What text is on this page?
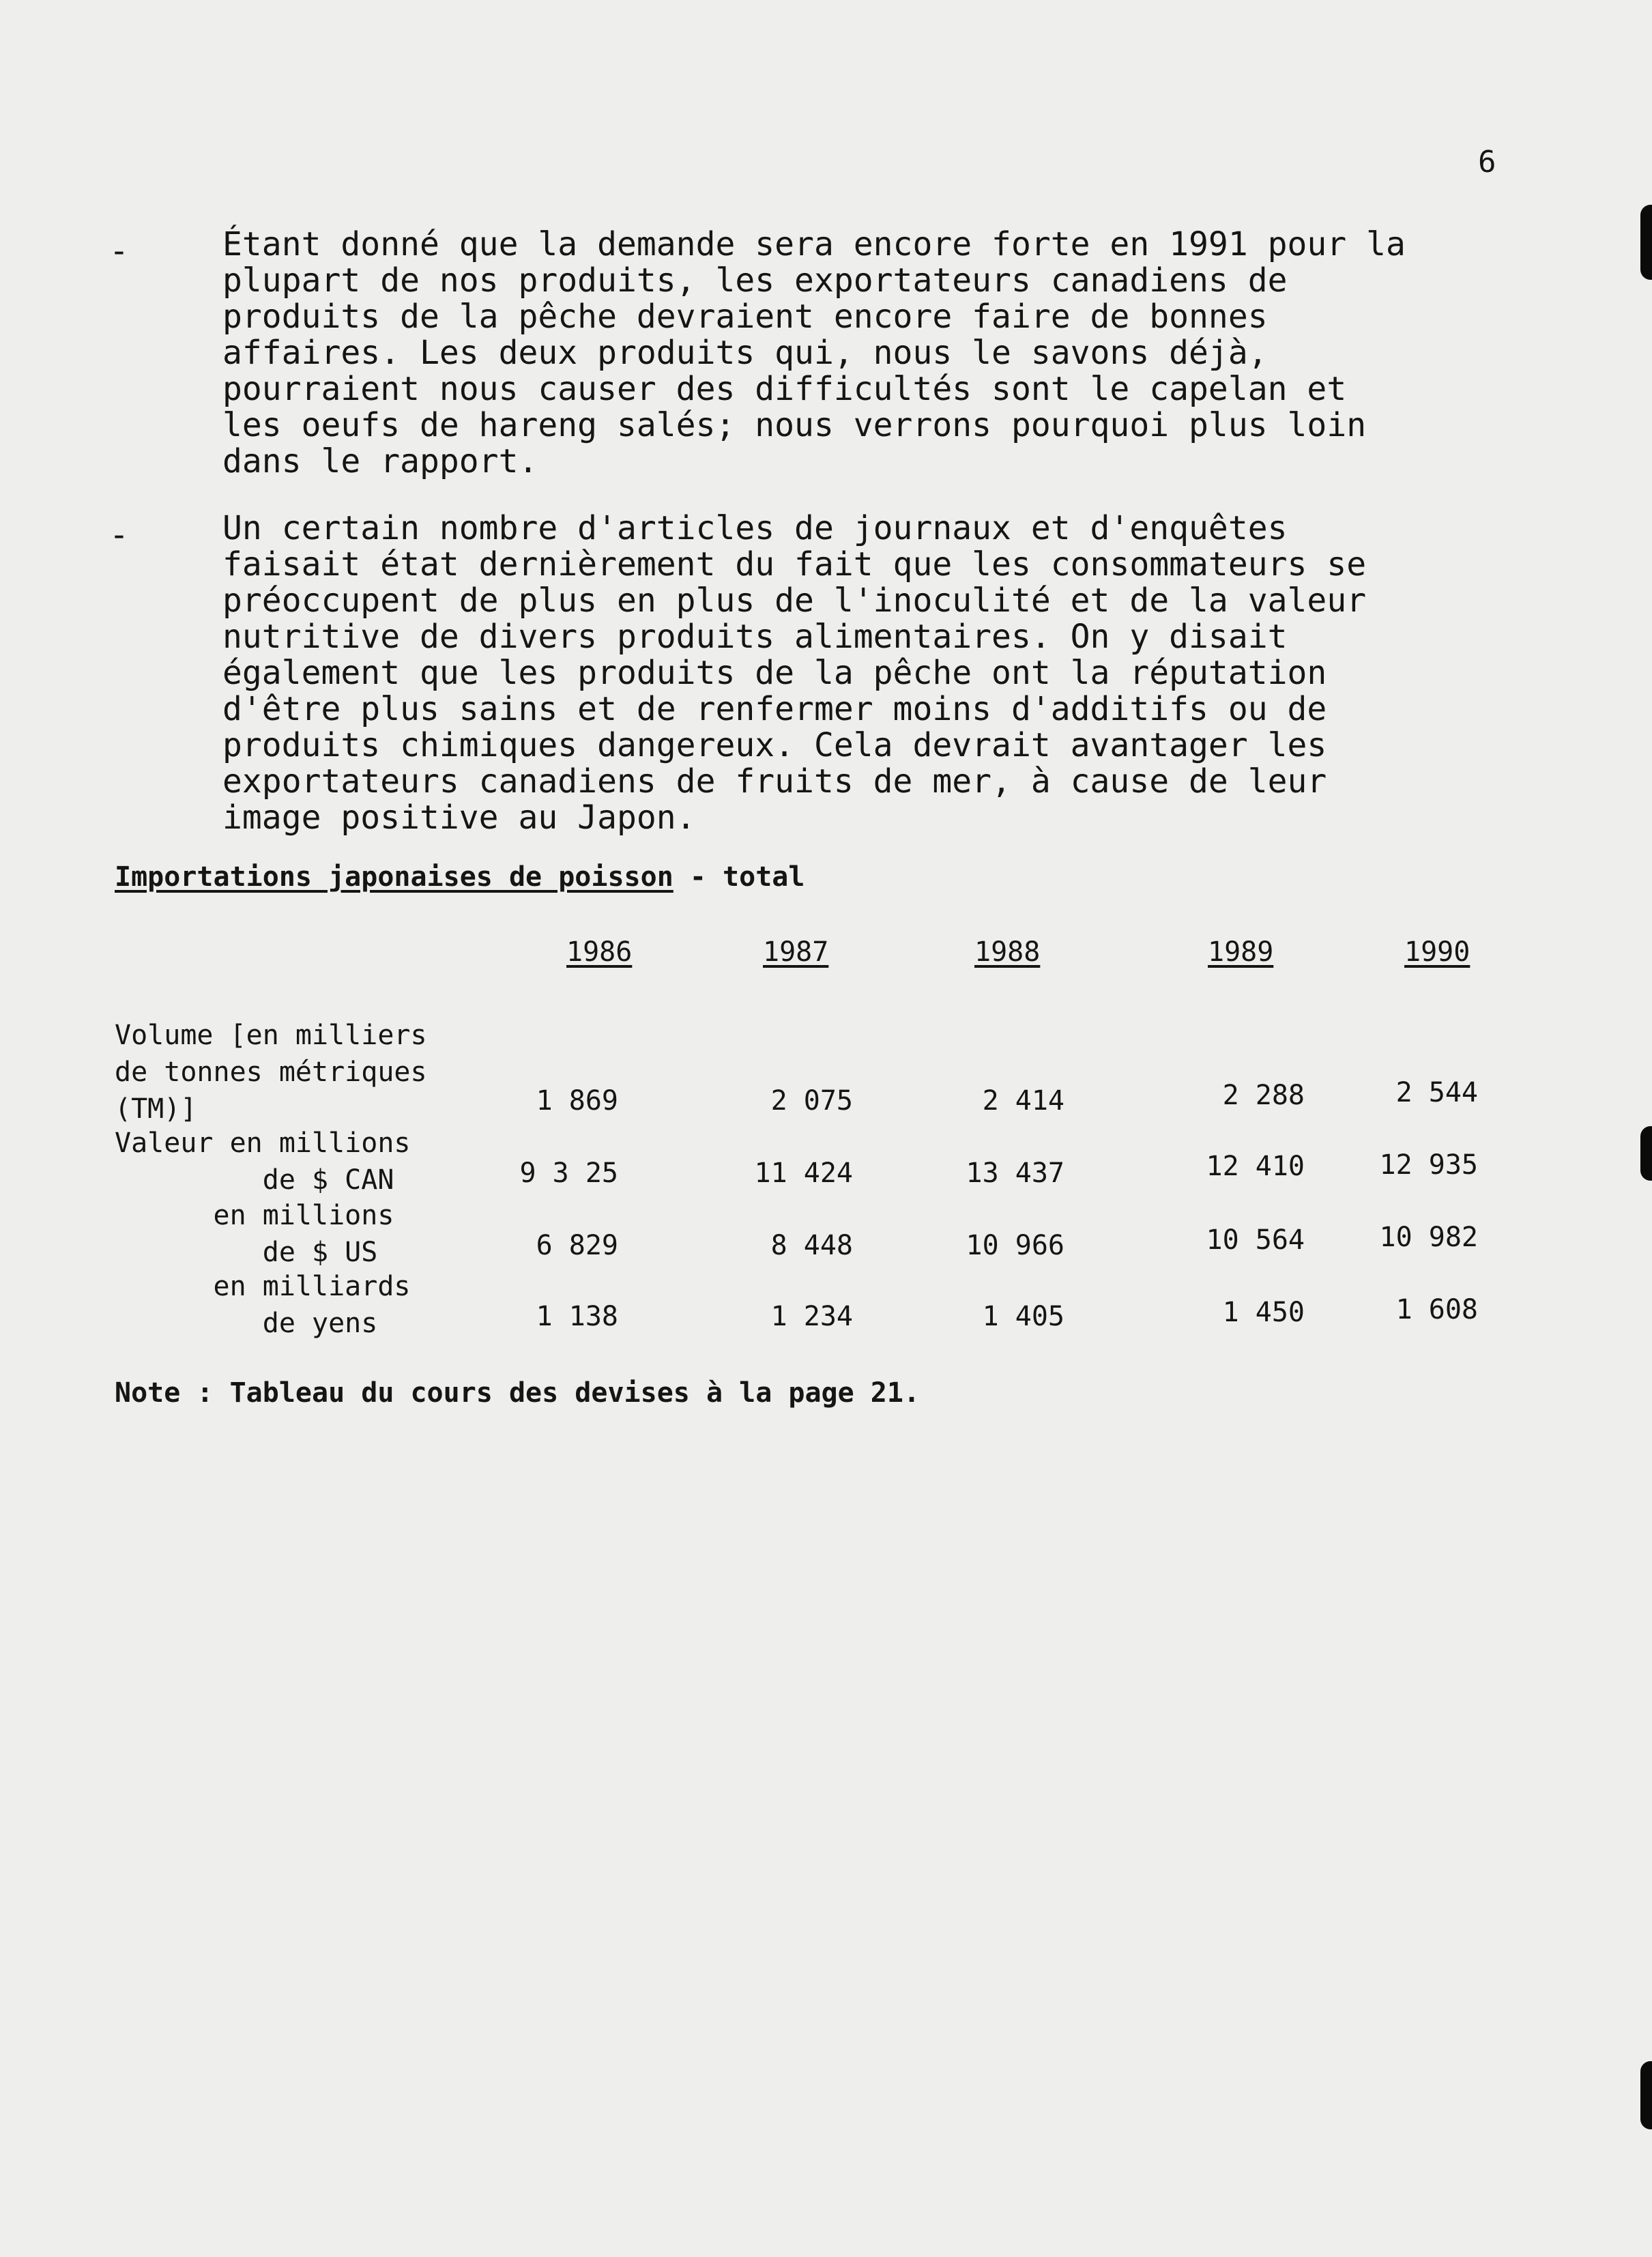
6
-	Étant donné que la demande sera encore forte en 1991 pour la
plupart de nos produits, les exportateurs canadiens de
produits de la pêche devraient encore faire de bonnes
affaires. Les deux produits qui, nous le savons déjà,
pourraient nous causer des difficultés sont le capelan et
les oeufs de hareng salés; nous verrons pourquoi plus loin
dans le rapport.
-	Un certain nombre d'articles de journaux et d'enquêtes
faisait état dernièrement du fait que les consommateurs se
préoccupent de plus en plus de l'inoculité et de la valeur
nutritive de divers produits alimentaires. On y disait
également que les produits de la pêche ont la réputation
d'être plus sains et de renfermer moins d'additifs ou de
produits chimiques dangereux. Cela devrait avantager les
exportateurs canadiens de fruits de mer, à cause de leur
image positive au Japon.
Importations japonaises de poisson - total
1986	1987	1988	1989	1990
Volume [en milliers
de tonnes métriques
(TM)]	1 869	2 075	2 414	2 288	2 544
Valeur en millions
de $ CAN	9 3 25	11 424	13 437	12 410	12 935
en millions
de $ US	6 829	8 448	10 966	10 564	10 982
en milliards
de yens	1 138	1 234	1 405	1 450	1 608
Note : Tableau du cours des devises à la page 21.
